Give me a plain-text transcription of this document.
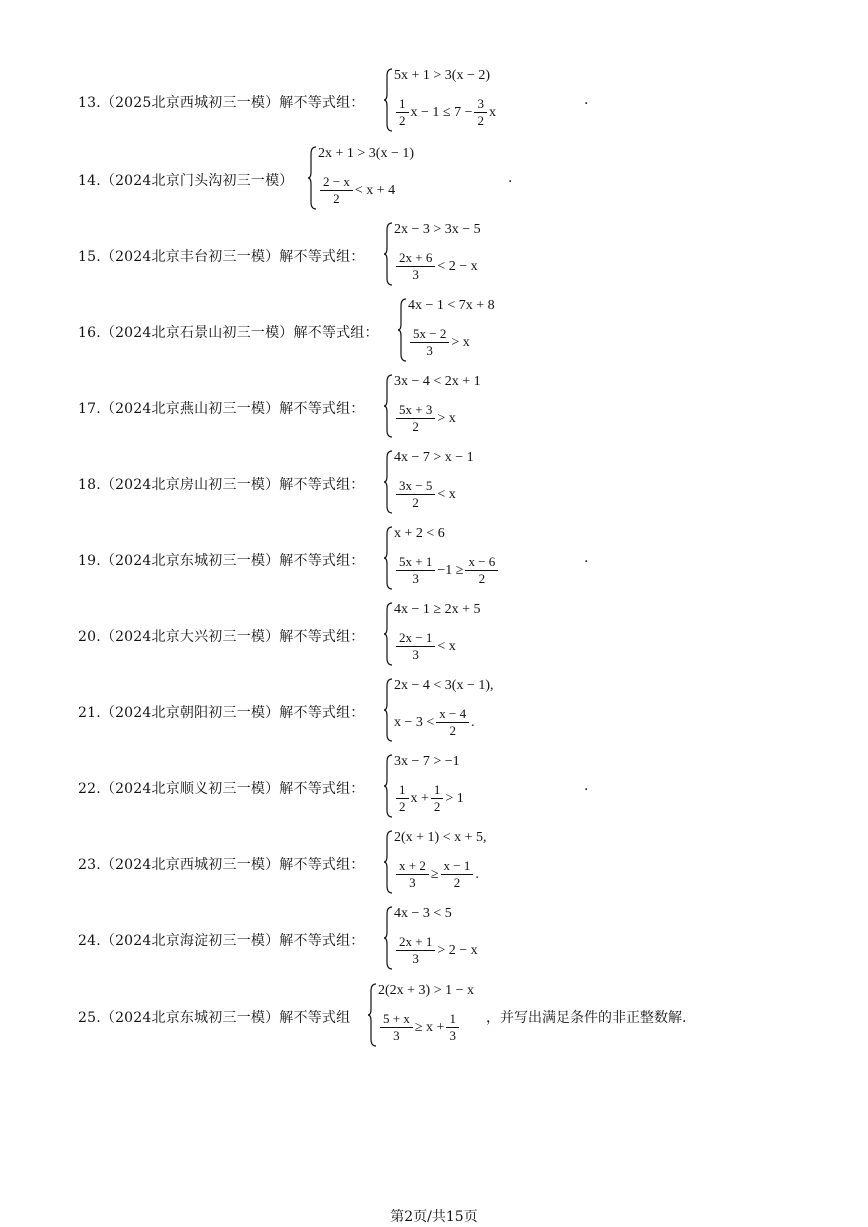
13.（2025北京西城初三一模）解不等式组：
5x + 1 > 3(x − 2)
$\frac{1}{2}$ $x - 1 \le 7 - \frac{3}{2}$ x
.
14.（2024北京门头沟初三一模）
2x + 1 > 3(x − 1)
$\frac{2 - x}{2} < x + 4$
.
15.（2024北京丰台初三一模）解不等式组：
2x − 3 > 3x − 5
$\frac{2x + 6}{3} < 2 - x$
16.（2024北京石景山初三一模）解不等式组：
4x − 1 < 7x + 8
$\frac{5x - 2}{3} > x$
17.（2024北京燕山初三一模）解不等式组：
3x − 4 < 2x + 1
$\frac{5x + 3}{2} > x$
18.（2024北京房山初三一模）解不等式组：
4x − 7 > x − 1
$\frac{3x - 5}{2} < x$
19.（2024北京东城初三一模）解不等式组：
x + 2 < 6
$\frac{5x + 1}{3} -1 \ge \frac{x - 6}{2}$	.
20.（2024北京大兴初三一模）解不等式组：
4x − 1 ≥ 2x + 5
$\frac{2x - 1}{3} < x$
21.（2024北京朝阳初三一模）解不等式组：
2x − 4 < 3(x − 1),
$x - 3 < \frac{x - 4}{2}$ .
22.（2024北京顺义初三一模）解不等式组：
3x − 7 > −1
$\frac{1}{2}$ $x + \frac{1}{2} > 1$
.
23.（2024北京西城初三一模）解不等式组：
2(x + 1) < x + 5,
$\frac{x + 2}{3} \ge \frac{x - 1}{2}$ .
24.（2024北京海淀初三一模）解不等式组：
4x − 3 < 5
$\frac{2x + 1}{3} > 2 - x$
25.（2024北京东城初三一模）解不等式组
2(2x + 3) > 1 − x
$\frac{5 + x}{3} \ge x + \frac{1}{3}$ ，并写出满足条件的非正整数解.
第2页/共15页
